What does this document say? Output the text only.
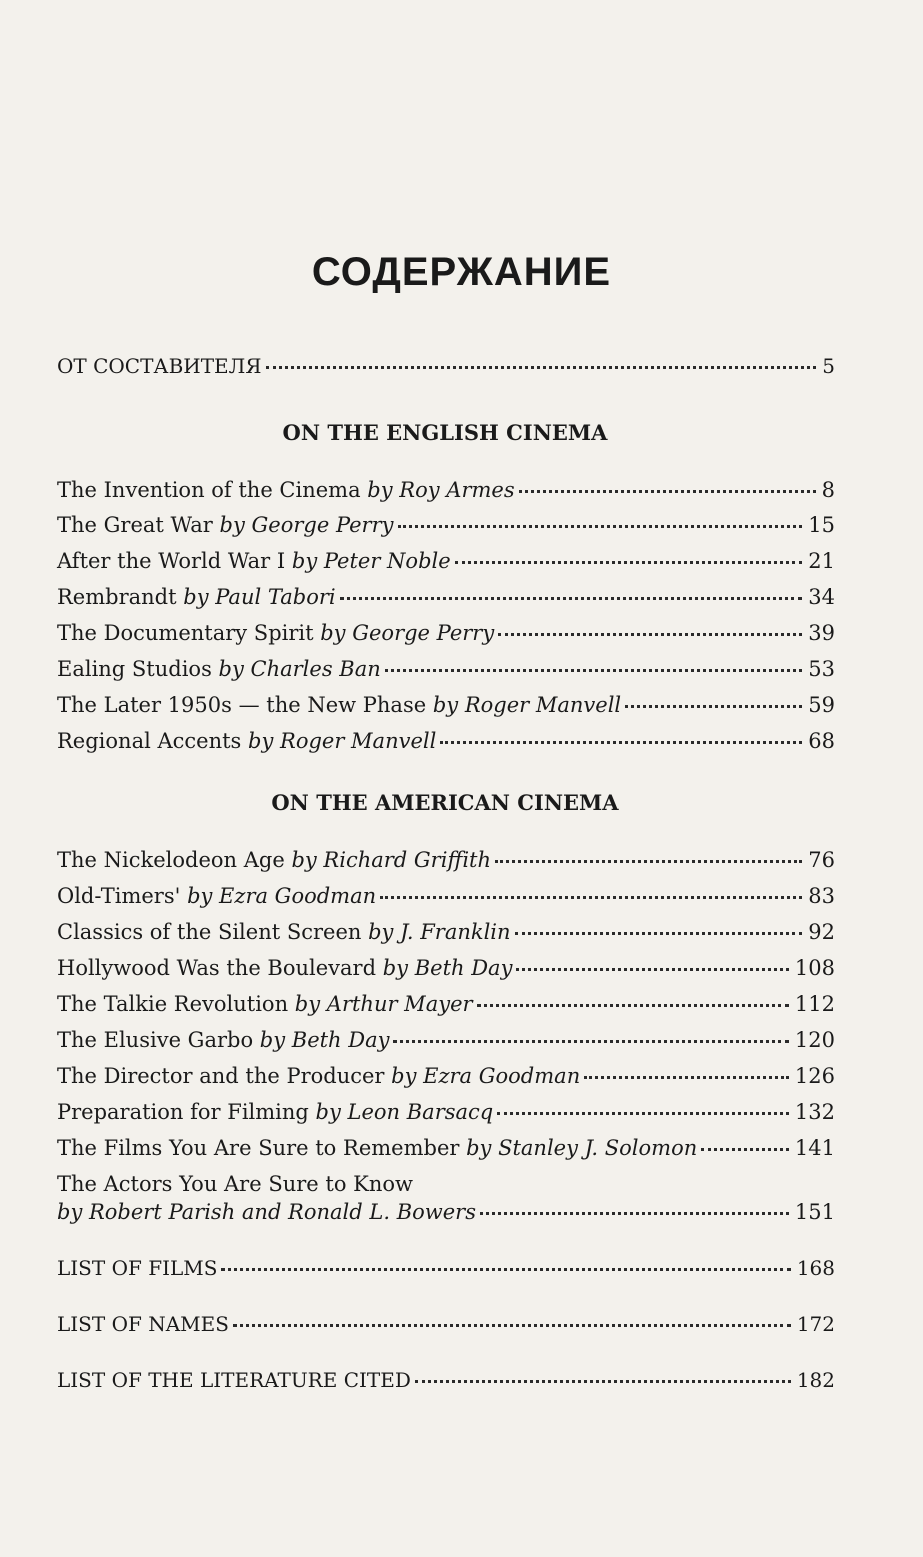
СОДЕРЖАНИЕ
ОТ СОСТАВИТЕЛЯ	5
ON THE ENGLISH CINEMA
The Invention of the Cinema
by Roy Armes	8
The Great War
by George Perry	15
After the World War I
by Peter Noble	21
Rembrandt
by Paul Tabori	34
The Documentary Spirit
by George Perry	39
Ealing Studios
by Charles Ban	53
The Later 1950s — the New Phase
by Roger Manvell	59
Regional Accents
by Roger Manvell	68
ON THE AMERICAN CINEMA
The Nickelodeon Age
by Richard Griffith	76
Old-Timers'
by Ezra Goodman	83
Classics of the Silent Screen
by J. Franklin	92
Hollywood Was the Boulevard
by Beth Day	108
The Talkie Revolution
by Arthur Mayer	112
The Elusive Garbo
by Beth Day	120
The Director and the Producer
by Ezra Goodman	126
Preparation for Filming
by Leon Barsacq	132
The Films You Are Sure to Remember
by Stanley J. Solomon	141
The Actors You Are Sure to Know
by Robert Parish and Ronald L. Bowers	151
LIST OF FILMS	168
LIST OF NAMES	172
LIST OF THE LITERATURE CITED	182
